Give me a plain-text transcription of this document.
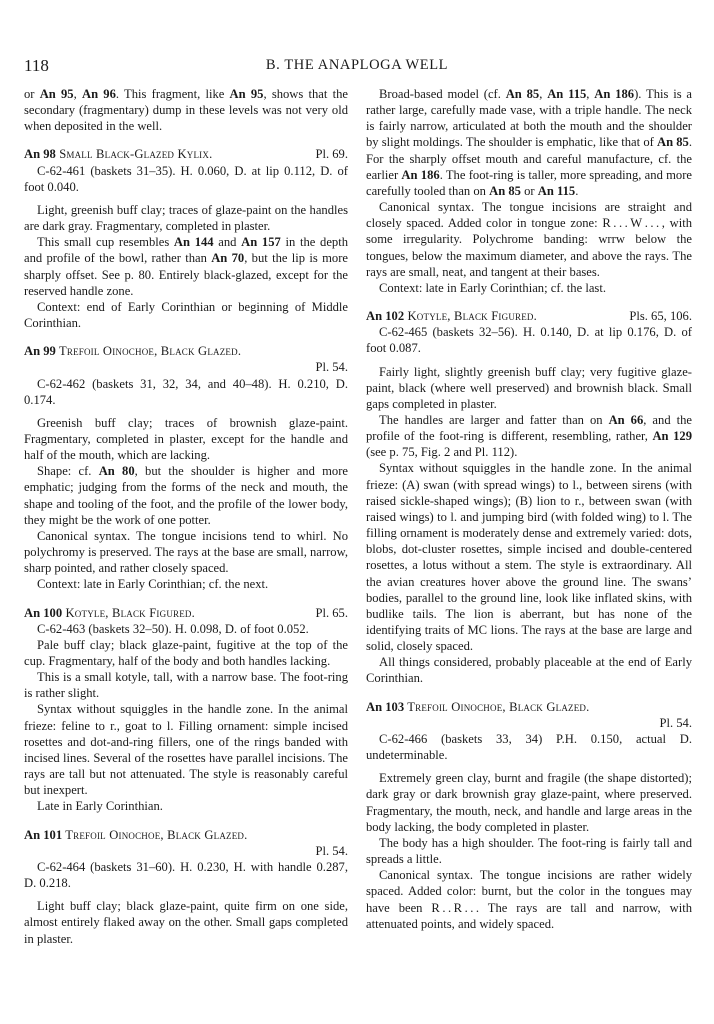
118	B. THE ANAPLOGA WELL

or An 95, An 96. This fragment, like An 95, shows that the secondary (fragmentary) dump in these levels was not very old when deposited in the well.

An 98 Small Black-Glazed Kylix.	Pl. 69.

C-62-461 (baskets 31–35). H. 0.060, D. at lip 0.112, D. of foot 0.040.

Light, greenish buff clay; traces of glaze-paint on the handles are dark gray. Fragmentary, completed in plaster.

This small cup resembles An 144 and An 157 in the depth and profile of the bowl, rather than An 70, but the lip is more sharply offset. See p. 80. Entirely black-glazed, except for the reserved handle zone.

Context: end of Early Corinthian or beginning of Middle Corinthian.

An 99 Trefoil Oinochoe, Black Glazed.

Pl. 54.

C-62-462 (baskets 31, 32, 34, and 40–48). H. 0.210, D. 0.174.

Greenish buff clay; traces of brownish glaze-paint. Fragmentary, completed in plaster, except for the handle and half of the mouth, which are lacking.

Shape: cf. An 80, but the shoulder is higher and more emphatic; judging from the forms of the neck and mouth, the shape and tooling of the foot, and the profile of the lower body, they might be the work of one potter.

Canonical syntax. The tongue incisions tend to whirl. No polychromy is preserved. The rays at the base are small, narrow, sharp pointed, and rather closely spaced.

Context: late in Early Corinthian; cf. the next.

An 100 Kotyle, Black Figured.	Pl. 65.

C-62-463 (baskets 32–50). H. 0.098, D. of foot 0.052.

Pale buff clay; black glaze-paint, fugitive at the top of the cup. Fragmentary, half of the body and both handles lacking.

This is a small kotyle, tall, with a narrow base. The foot-ring is rather slight.

Syntax without squiggles in the handle zone. In the animal frieze: feline to r., goat to l. Filling ornament: simple incised rosettes and dot-and-ring fillers, one of the rings banded with incised lines. Several of the rosettes have parallel incisions. The rays are tall but not attenuated. The style is reasonably careful but inexpert.

Late in Early Corinthian.

An 101 Trefoil Oinochoe, Black Glazed.

Pl. 54.

C-62-464 (baskets 31–60). H. 0.230, H. with handle 0.287, D. 0.218.

Light buff clay; black glaze-paint, quite firm on one side, almost entirely flaked away on the other. Small gaps completed in plaster.

Broad-based model (cf. An 85, An 115, An 186). This is a rather large, carefully made vase, with a triple handle. The neck is fairly narrow, articulated at both the mouth and the shoulder by slight moldings. The shoulder is emphatic, like that of An 85. For the sharply offset mouth and careful manufacture, cf. the earlier An 186. The foot-ring is taller, more spreading, and more carefully tooled than on An 85 or An 115.

Canonical syntax. The tongue incisions are straight and closely spaced. Added color in tongue zone: R . . . W . . . , with some irregularity. Polychrome banding: wrrw below the tongues, below the maximum diameter, and above the rays. The rays are small, neat, and tangent at their bases.

Context: late in Early Corinthian; cf. the last.

An 102 Kotyle, Black Figured.	Pls. 65, 106.

C-62-465 (baskets 32–56). H. 0.140, D. at lip 0.176, D. of foot 0.087.

Fairly light, slightly greenish buff clay; very fugitive glaze-paint, black (where well preserved) and brownish black. Small gaps completed in plaster.

The handles are larger and fatter than on An 66, and the profile of the foot-ring is different, resembling, rather, An 129 (see p. 75, Fig. 2 and Pl. 112).

Syntax without squiggles in the handle zone. In the animal frieze: (A) swan (with spread wings) to l., between sirens (with raised sickle-shaped wings); (B) lion to r., between swan (with raised wings) to l. and jumping bird (with folded wing) to l. The filling ornament is moderately dense and extremely varied: dots, blobs, dot-cluster rosettes, simple incised and double-centered rosettes, a lotus without a stem. The style is extraordinary. All the avian creatures hover above the ground line. The swans’ bodies, parallel to the ground line, look like inflated skins, with budlike tails. The lion is aberrant, but has none of the identifying traits of MC lions. The rays at the base are large and solid, closely spaced.

All things considered, probably placeable at the end of Early Corinthian.

An 103 Trefoil Oinochoe, Black Glazed.

Pl. 54.

C-62-466 (baskets 33, 34) P.H. 0.150, actual D. undeterminable.

Extremely green clay, burnt and fragile (the shape distorted); dark gray or dark brownish gray glaze-paint, where preserved. Fragmentary, the mouth, neck, and handle and large areas in the body lacking, the body completed in plaster.

The body has a high shoulder. The foot-ring is fairly tall and spreads a little.

Canonical syntax. The tongue incisions are rather widely spaced. Added color: burnt, but the color in the tongues may have been R . . R . . . The rays are tall and narrow, with attenuated points, and widely spaced.
